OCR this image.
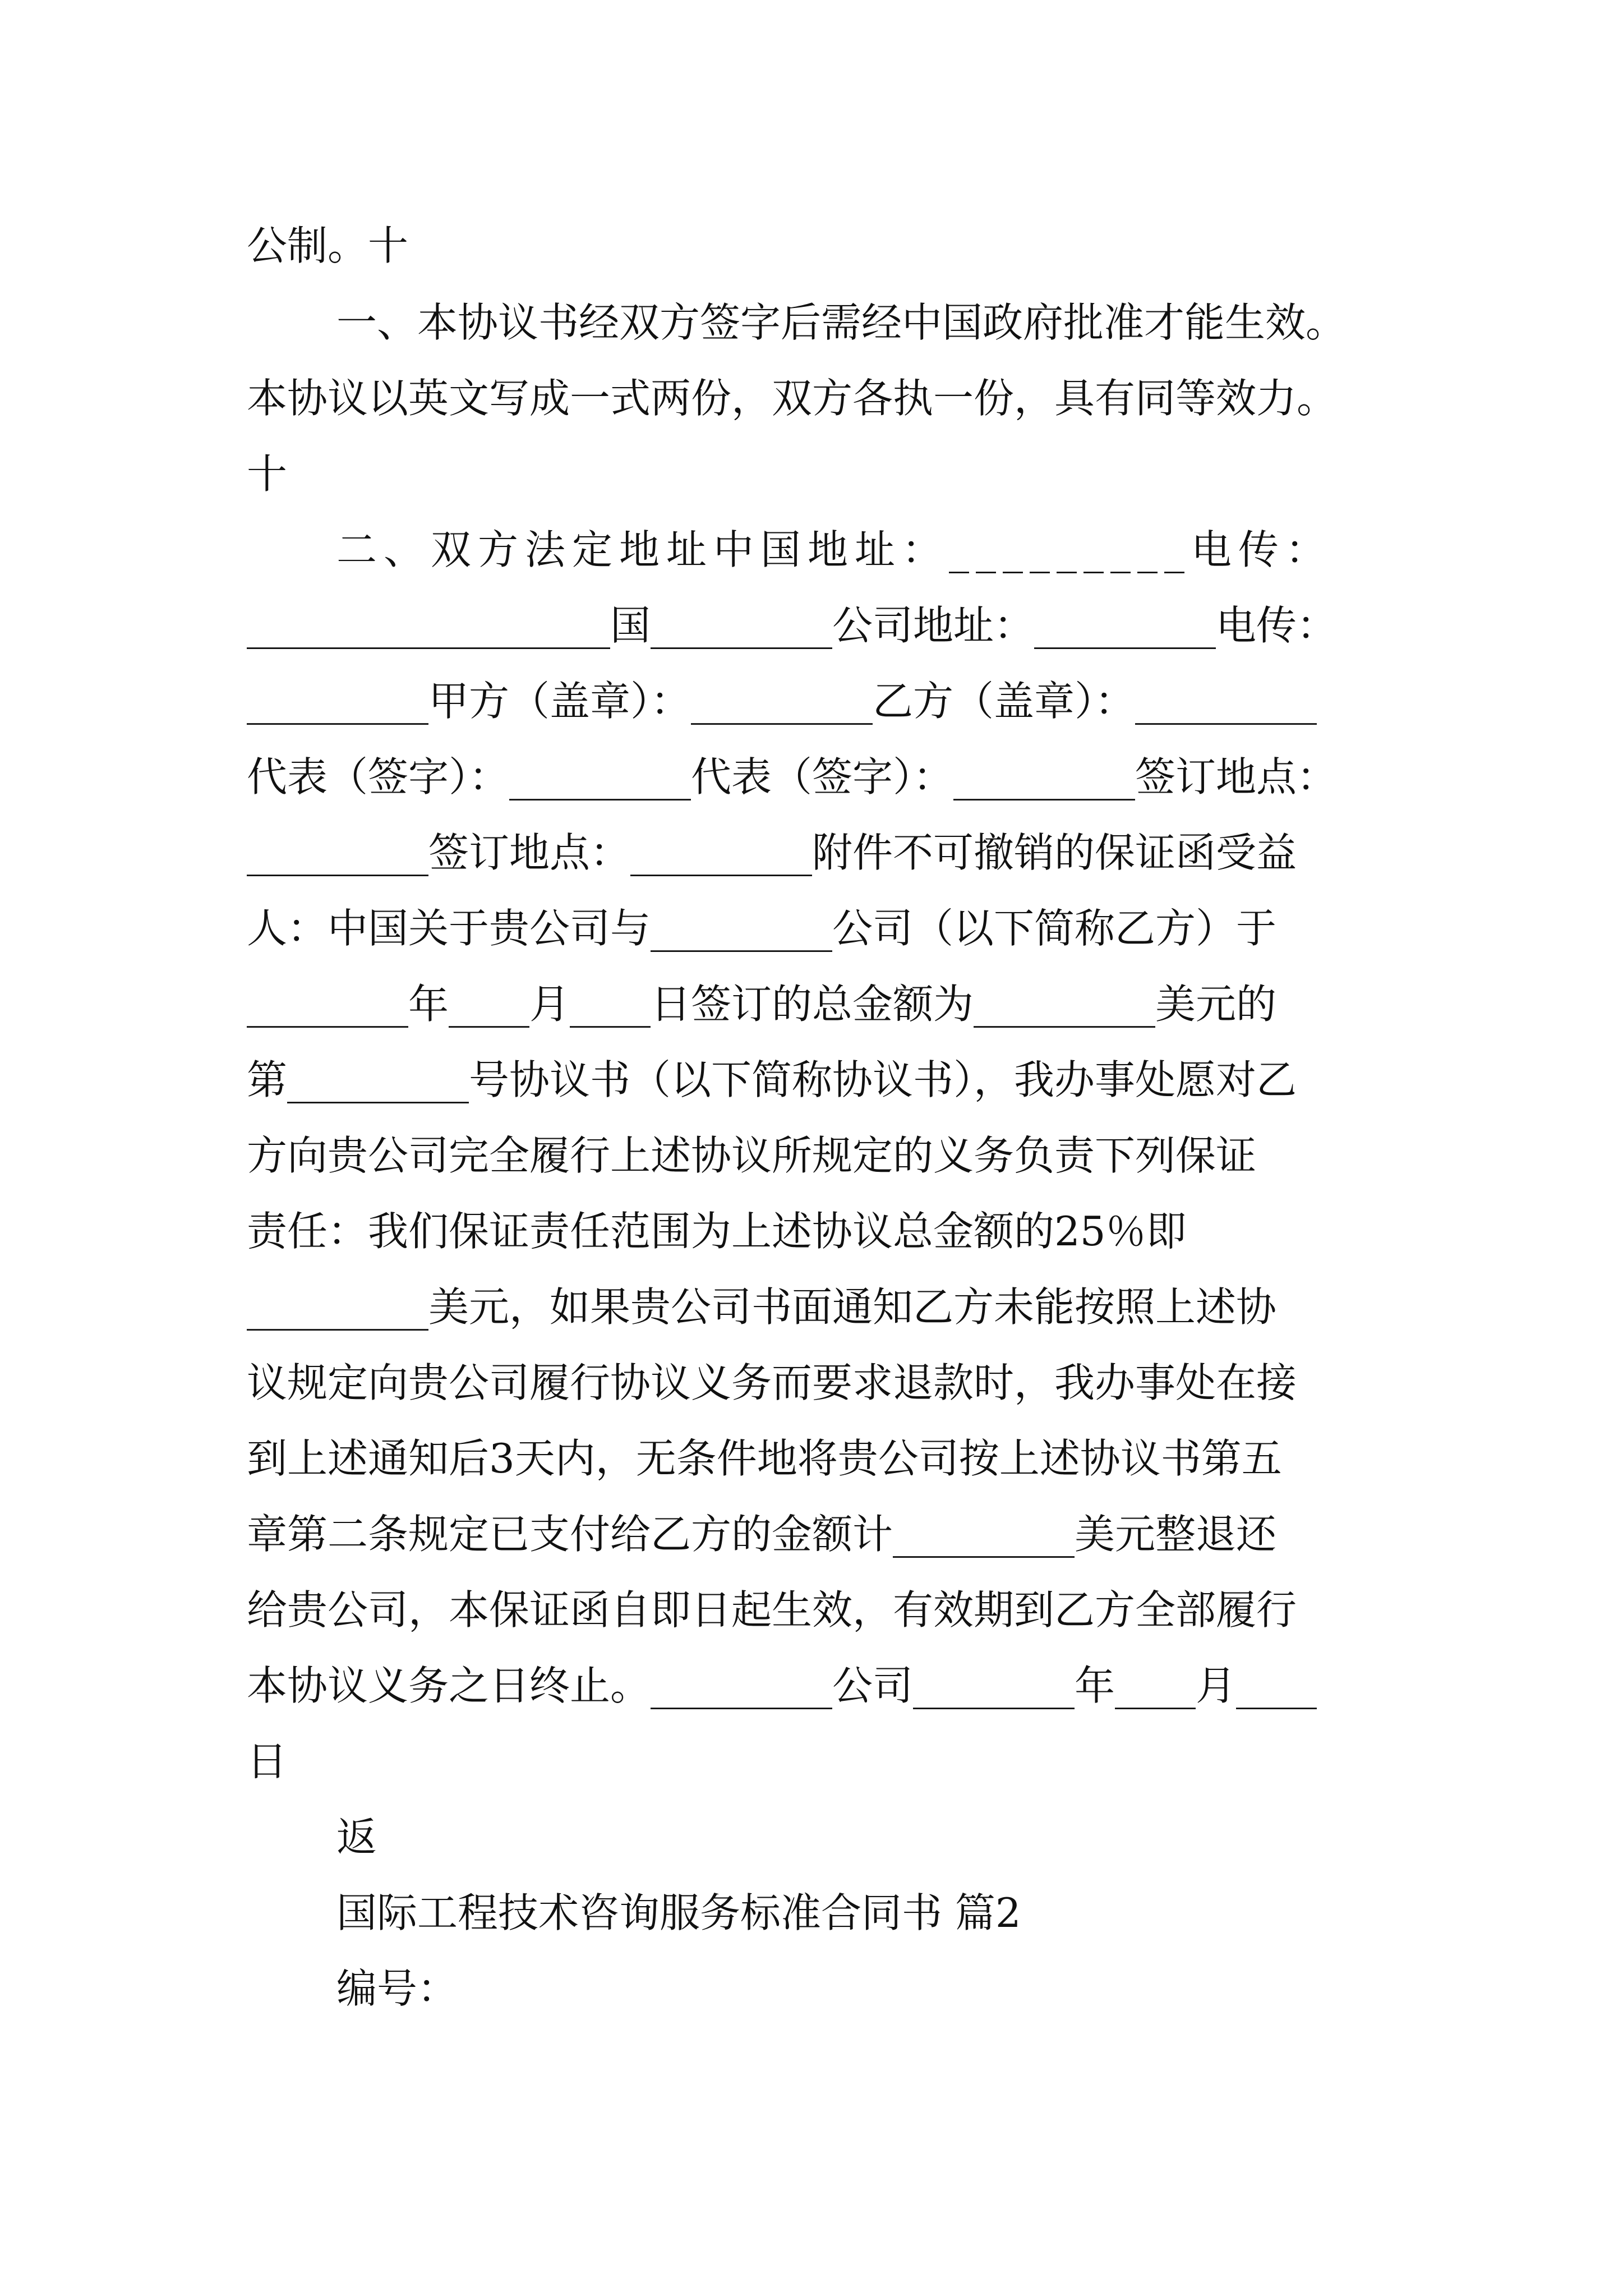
公制。十
一、本协议书经双方签字后需经中国政府批准才能生效。
本协议以英文写成一式两份，双方各执一份，具有同等效力。
十
二、双方法定地址中国地址：_________电传：
__________________国_________公司地址：_________电传：
_________甲方（盖章）：_________乙方（盖章）：_________
代表（签字）：_________代表（签字）：_________签订地点：
_________签订地点：_________附件不可撤销的保证函受益
人：中国关于贵公司与_________公司（以下简称乙方）于
________年____月____日签订的总金额为_________美元的
第_________号协议书（以下简称协议书），我办事处愿对乙
方向贵公司完全履行上述协议所规定的义务负责下列保证
责任：我们保证责任范围为上述协议总金额的25％即
_________美元，如果贵公司书面通知乙方未能按照上述协
议规定向贵公司履行协议义务而要求退款时，我办事处在接
到上述通知后3天内，无条件地将贵公司按上述协议书第五
章第二条规定已支付给乙方的金额计_________美元整退还
给贵公司，本保证函自即日起生效，有效期到乙方全部履行
本协议义务之日终止。_________公司________年____月____
日
返
国际工程技术咨询服务标准合同书 篇2
编号：
